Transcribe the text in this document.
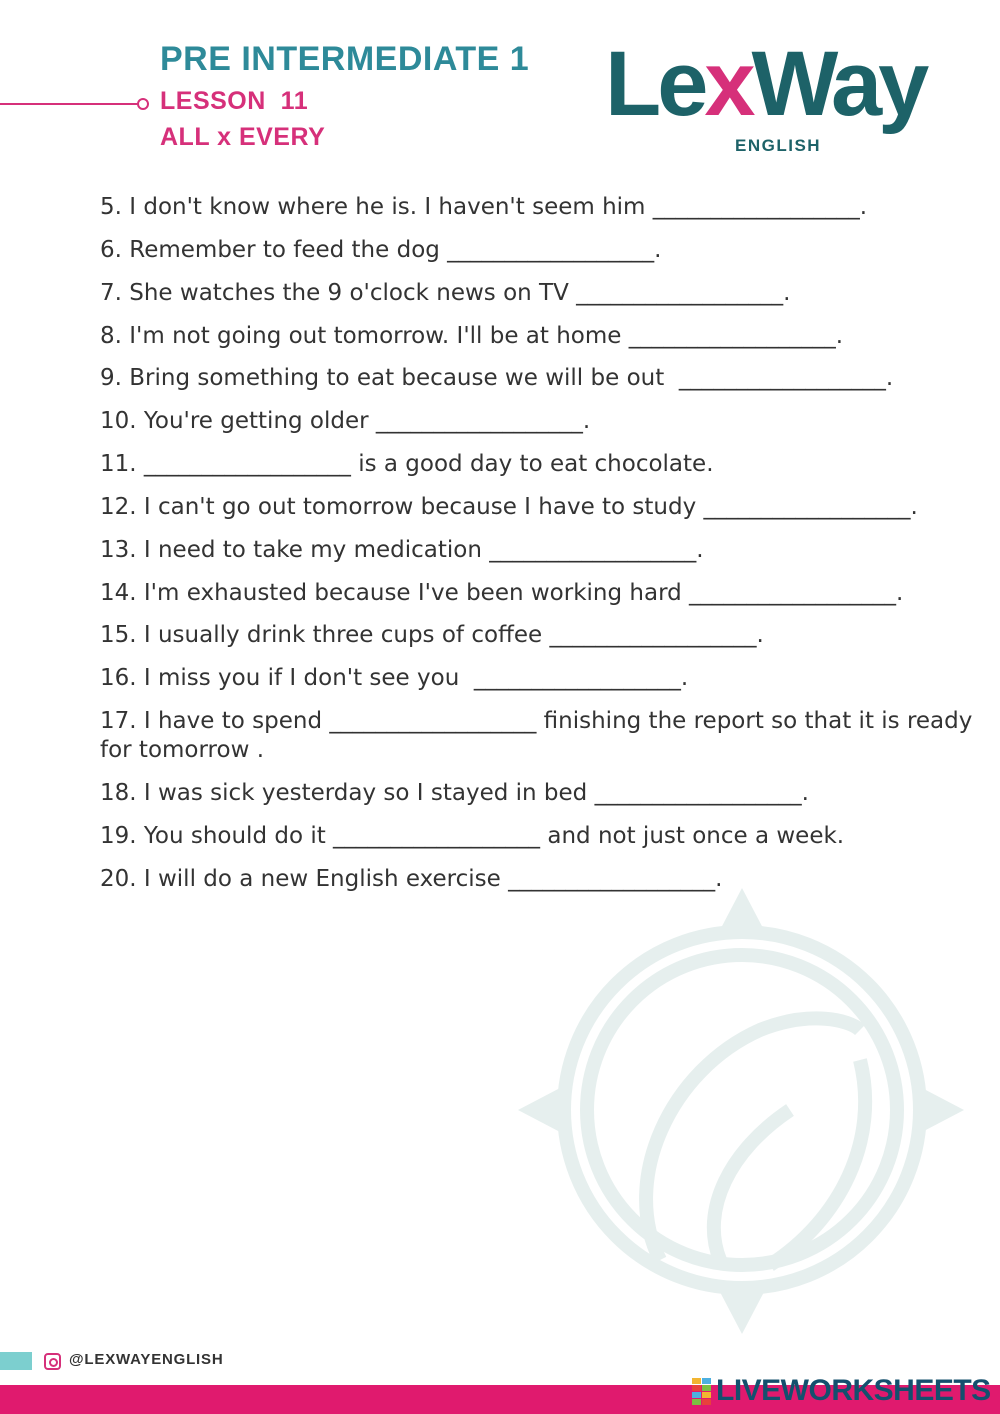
PRE INTERMEDIATE 1
LESSON  11
ALL x EVERY
LexWay
ENGLISH
5. I don't know where he is. I haven't seem him __________________.
6. Remember to feed the dog __________________.
7. She watches the 9 o'clock news on TV __________________.
8. I'm not going out tomorrow. I'll be at home __________________.
9. Bring something to eat because we will be out  __________________.
10. You're getting older __________________.
11. __________________ is a good day to eat chocolate.
12. I can't go out tomorrow because I have to study __________________.
13. I need to take my medication __________________.
14. I'm exhausted because I've been working hard __________________.
15. I usually drink three cups of coffee __________________.
16. I miss you if I don't see you  __________________.
17. I have to spend __________________ finishing the report so that it is ready for tomorrow .
18. I was sick yesterday so I stayed in bed __________________.
19. You should do it __________________ and not just once a week.
20. I will do a new English exercise __________________.
@LEXWAYENGLISH
LIVEWORKSHEETS
